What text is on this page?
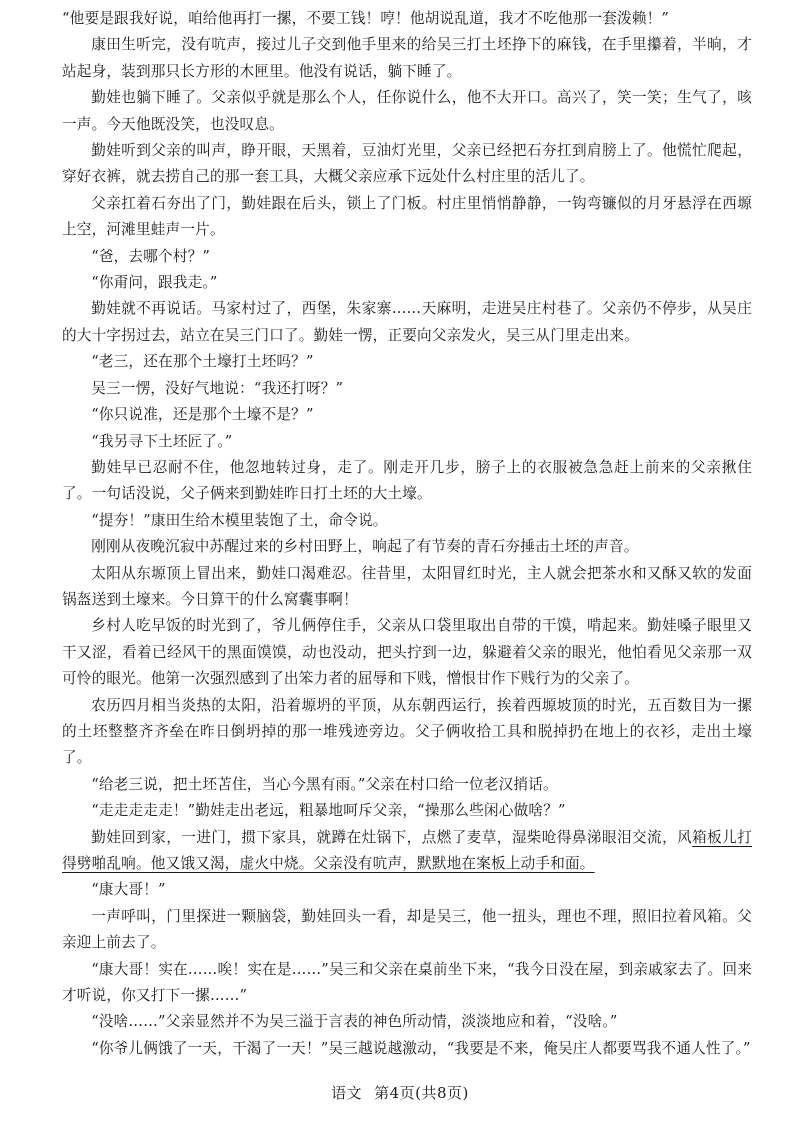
“他要是跟我好说，咱给他再打一摞，不要工钱！哼！他胡说乱道，我才不吃他那一套泼赖！”

康田生听完，没有吭声，接过儿子交到他手里来的给吴三打土坯挣下的麻钱，在手里攥着，半晌，才站起身，装到那只长方形的木匣里。他没有说话，躺下睡了。

勤娃也躺下睡了。父亲似乎就是那么个人，任你说什么，他不大开口。高兴了，笑一笑；生气了，咳一声。今天他既没笑，也没叹息。

勤娃听到父亲的叫声，睁开眼，天黑着，豆油灯光里，父亲已经把石夯扛到肩膀上了。他慌忙爬起，穿好衣裤，就去捞自己的那一套工具，大概父亲应承下远处什么村庄里的活儿了。

父亲扛着石夯出了门，勤娃跟在后头，锁上了门板。村庄里悄悄静静，一钩弯镰似的月牙悬浮在西塬上空，河滩里蛙声一片。

“爸，去哪个村？”

“你甭问，跟我走。”

勤娃就不再说话。马家村过了，西堡，朱家寨……天麻明，走进吴庄村巷了。父亲仍不停步，从吴庄的大十字拐过去，站立在吴三门口了。勤娃一愣，正要向父亲发火，吴三从门里走出来。

“老三，还在那个土壕打土坯吗？”

吴三一愣，没好气地说：“我还打呀？”

“你只说准，还是那个土壕不是？”

“我另寻下土坯匠了。”

勤娃早已忍耐不住，他忽地转过身，走了。刚走开几步，膀子上的衣服被急急赶上前来的父亲揪住了。一句话没说，父子俩来到勤娃昨日打土坯的大土壕。

“提夯！”康田生给木模里装饱了土，命令说。

刚刚从夜晚沉寂中苏醒过来的乡村田野上，响起了有节奏的青石夯捶击土坯的声音。

太阳从东塬顶上冒出来，勤娃口渴难忍。往昔里，太阳冒红时光，主人就会把茶水和又酥又软的发面锅盔送到土壕来。今日算干的什么窝囊事啊！

乡村人吃早饭的时光到了，爷儿俩停住手，父亲从口袋里取出自带的干馍，啃起来。勤娃嗓子眼里又干又涩，看着已经风干的黑面馍馍，动也没动，把头拧到一边，躲避着父亲的眼光，他怕看见父亲那一双可怜的眼光。他第一次强烈感到了出笨力者的屈辱和下贱，憎恨甘作下贱行为的父亲了。

农历四月相当炎热的太阳，沿着塬坍的平顶，从东朝西运行，挨着西塬坡顶的时光，五百数目为一摞的土坯整整齐齐垒在昨日倒坍掉的那一堆残迹旁边。父子俩收拾工具和脱掉扔在地上的衣衫，走出土壕了。

“给老三说，把土坯苫住，当心今黑有雨。”父亲在村口给一位老汉捎话。

“走走走走走！”勤娃走出老远，粗暴地呵斥父亲，“操那么些闲心做啥？”

勤娃回到家，一进门，掼下家具，就蹲在灶锅下，点燃了麦草，湿柴呛得鼻涕眼泪交流，风箱板儿打得劈啪乱响。他又饿又渴，虚火中烧。父亲没有吭声，默默地在案板上动手和面。

“康大哥！”

一声呼叫，门里探进一颗脑袋，勤娃回头一看，却是吴三，他一扭头，理也不理，照旧拉着风箱。父亲迎上前去了。

“康大哥！实在……唉！实在是……”吴三和父亲在桌前坐下来，“我今日没在屋，到亲戚家去了。回来才听说，你又打下一摞……”

“没啥……”父亲显然并不为吴三溢于言表的神色所动情，淡淡地应和着，“没啥。”

“你爷儿俩饿了一天，干渴了一天！”吴三越说越激动，“我要是不来，俺吴庄人都要骂我不通人性了。”

语文 第4页(共8页)
